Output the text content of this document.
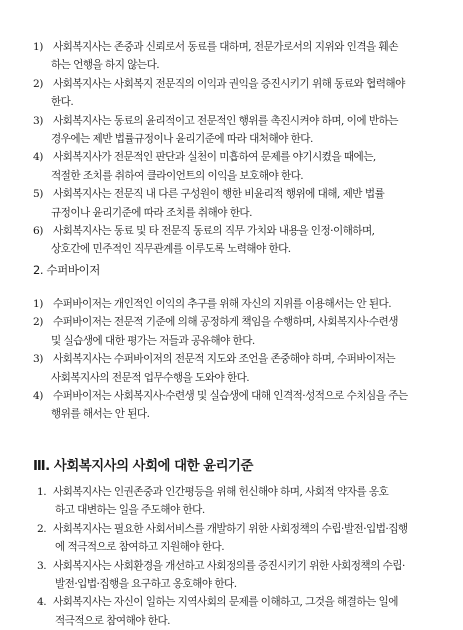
1) 사회복지사는 존중과 신뢰로서 동료를 대하며, 전문가로서의 지위와 인격을 훼손
하는 언행을 하지 않는다.
2) 사회복지사는 사회복지 전문직의 이익과 권익을 증진시키기 위해 동료와 협력해야
한다.
3) 사회복지사는 동료의 윤리적이고 전문적인 행위를 촉진시켜야 하며, 이에 반하는
경우에는 제반 법률규정이나 윤리기준에 따라 대처해야 한다.
4) 사회복지사가 전문적인 판단과 실천이 미흡하여 문제를 야기시켰을 때에는,
적절한 조치를 취하여 클라이언트의 이익을 보호해야 한다.
5) 사회복지사는 전문직 내 다른 구성원이 행한 비윤리적 행위에 대해, 제반 법률
규정이나 윤리기준에 따라 조치를 취해야 한다.
6) 사회복지사는 동료 및 타 전문직 동료의 직무 가치와 내용을 인정·이해하며,
상호간에 민주적인 직무관계를 이루도록 노력해야 한다.
2. 수퍼바이저
1) 수퍼바이저는 개인적인 이익의 추구를 위해 자신의 지위를 이용해서는 안 된다.
2) 수퍼바이저는 전문적 기준에 의해 공정하게 책임을 수행하며, 사회복지사·수련생
및 실습생에 대한 평가는 저들과 공유해야 한다.
3) 사회복지사는 수퍼바이저의 전문적 지도와 조언을 존중해야 하며, 수퍼바이저는
사회복지사의 전문적 업무수행을 도와야 한다.
4) 수퍼바이저는 사회복지사·수련생 및 실습생에 대해 인격적·성적으로 수치심을 주는
행위를 해서는 안 된다.
Ⅲ. 사회복지사의 사회에 대한 윤리기준
1. 사회복지사는 인권존중과 인간평등을 위해 헌신해야 하며, 사회적 약자를 옹호
하고 대변하는 일을 주도해야 한다.
2. 사회복지사는 필요한 사회서비스를 개발하기 위한 사회정책의 수립·발전·입법·집행
에 적극적으로 참여하고 지원해야 한다.
3. 사회복지사는 사회환경을 개선하고 사회정의를 증진시키기 위한 사회정책의 수립·
발전·입법·집행을 요구하고 옹호해야 한다.
4. 사회복지사는 자신이 일하는 지역사회의 문제를 이해하고, 그것을 해결하는 일에
적극적으로 참여해야 한다.
